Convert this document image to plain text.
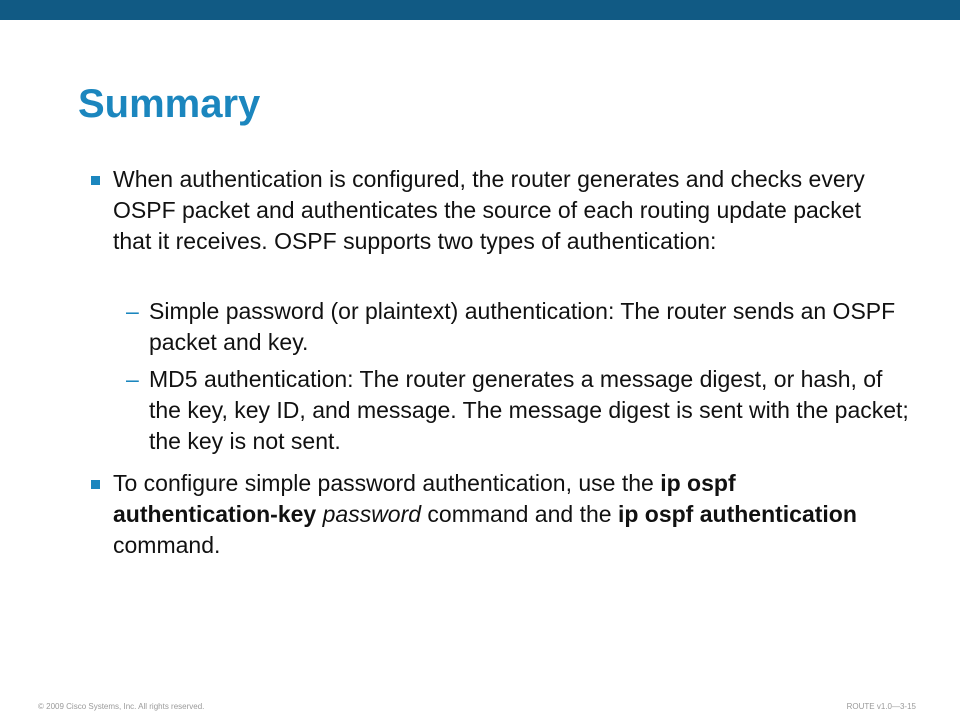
Summary
When authentication is configured, the router generates and checks every OSPF packet and authenticates the source of each routing update packet that it receives. OSPF supports two types of authentication:
– Simple password (or plaintext) authentication: The router sends an OSPF packet and key.
– MD5 authentication: The router generates a message digest, or hash, of the key, key ID, and message. The message digest is sent with the packet; the key is not sent.
To configure simple password authentication, use the ip ospf authentication-key password command and the ip ospf authentication command.
© 2009 Cisco Systems, Inc. All rights reserved.	ROUTE v1.0—3-15
